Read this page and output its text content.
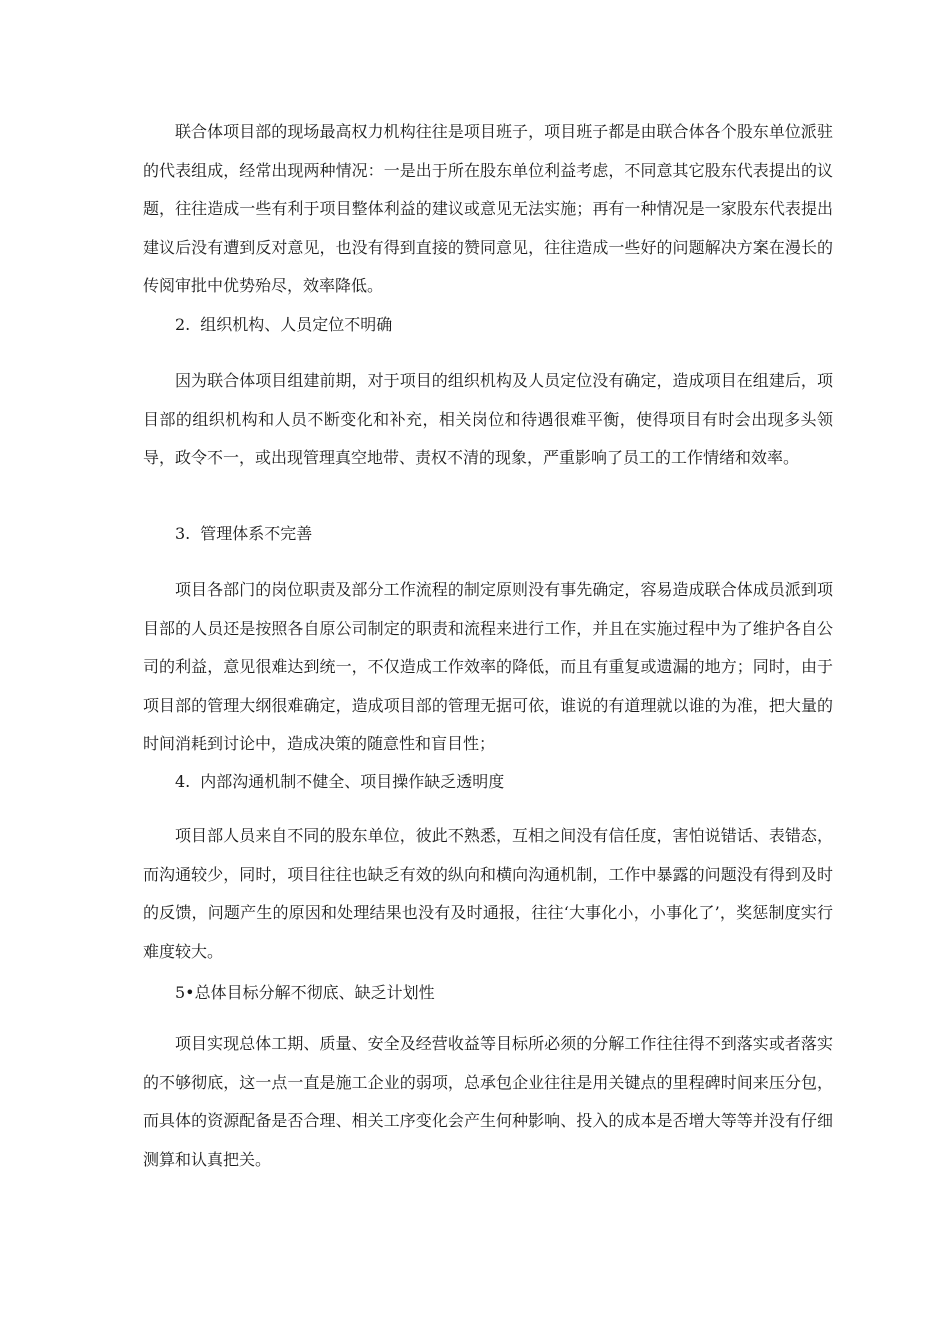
联合体项目部的现场最高权力机构往往是项目班子，项目班子都是由联合体各个股东单位派驻的代表组成，经常出现两种情况：一是出于所在股东单位利益考虑，不同意其它股东代表提出的议题，往往造成一些有利于项目整体利益的建议或意见无法实施；再有一种情况是一家股东代表提出建议后没有遭到反对意见，也没有得到直接的赞同意见，往往造成一些好的问题解决方案在漫长的传阅审批中优势殆尽，效率降低。

2. 组织机构、人员定位不明确

因为联合体项目组建前期，对于项目的组织机构及人员定位没有确定，造成项目在组建后，项目部的组织机构和人员不断变化和补充，相关岗位和待遇很难平衡，使得项目有时会出现多头领导，政令不一，或出现管理真空地带、责权不清的现象，严重影响了员工的工作情绪和效率。

3. 管理体系不完善

项目各部门的岗位职责及部分工作流程的制定原则没有事先确定，容易造成联合体成员派到项目部的人员还是按照各自原公司制定的职责和流程来进行工作，并且在实施过程中为了维护各自公司的利益，意见很难达到统一，不仅造成工作效率的降低，而且有重复或遗漏的地方；同时，由于项目部的管理大纲很难确定，造成项目部的管理无据可依，谁说的有道理就以谁的为准，把大量的时间消耗到讨论中，造成决策的随意性和盲目性；

4. 内部沟通机制不健全、项目操作缺乏透明度

项目部人员来自不同的股东单位，彼此不熟悉，互相之间没有信任度，害怕说错话、表错态，而沟通较少，同时，项目往往也缺乏有效的纵向和横向沟通机制，工作中暴露的问题没有得到及时的反馈，问题产生的原因和处理结果也没有及时通报，往往‘大事化小，小事化了’，奖惩制度实行难度较大。

5•总体目标分解不彻底、缺乏计划性

项目实现总体工期、质量、安全及经营收益等目标所必须的分解工作往往得不到落实或者落实的不够彻底，这一点一直是施工企业的弱项，总承包企业往往是用关键点的里程碑时间来压分包，而具体的资源配备是否合理、相关工序变化会产生何种影响、投入的成本是否增大等等并没有仔细测算和认真把关。
